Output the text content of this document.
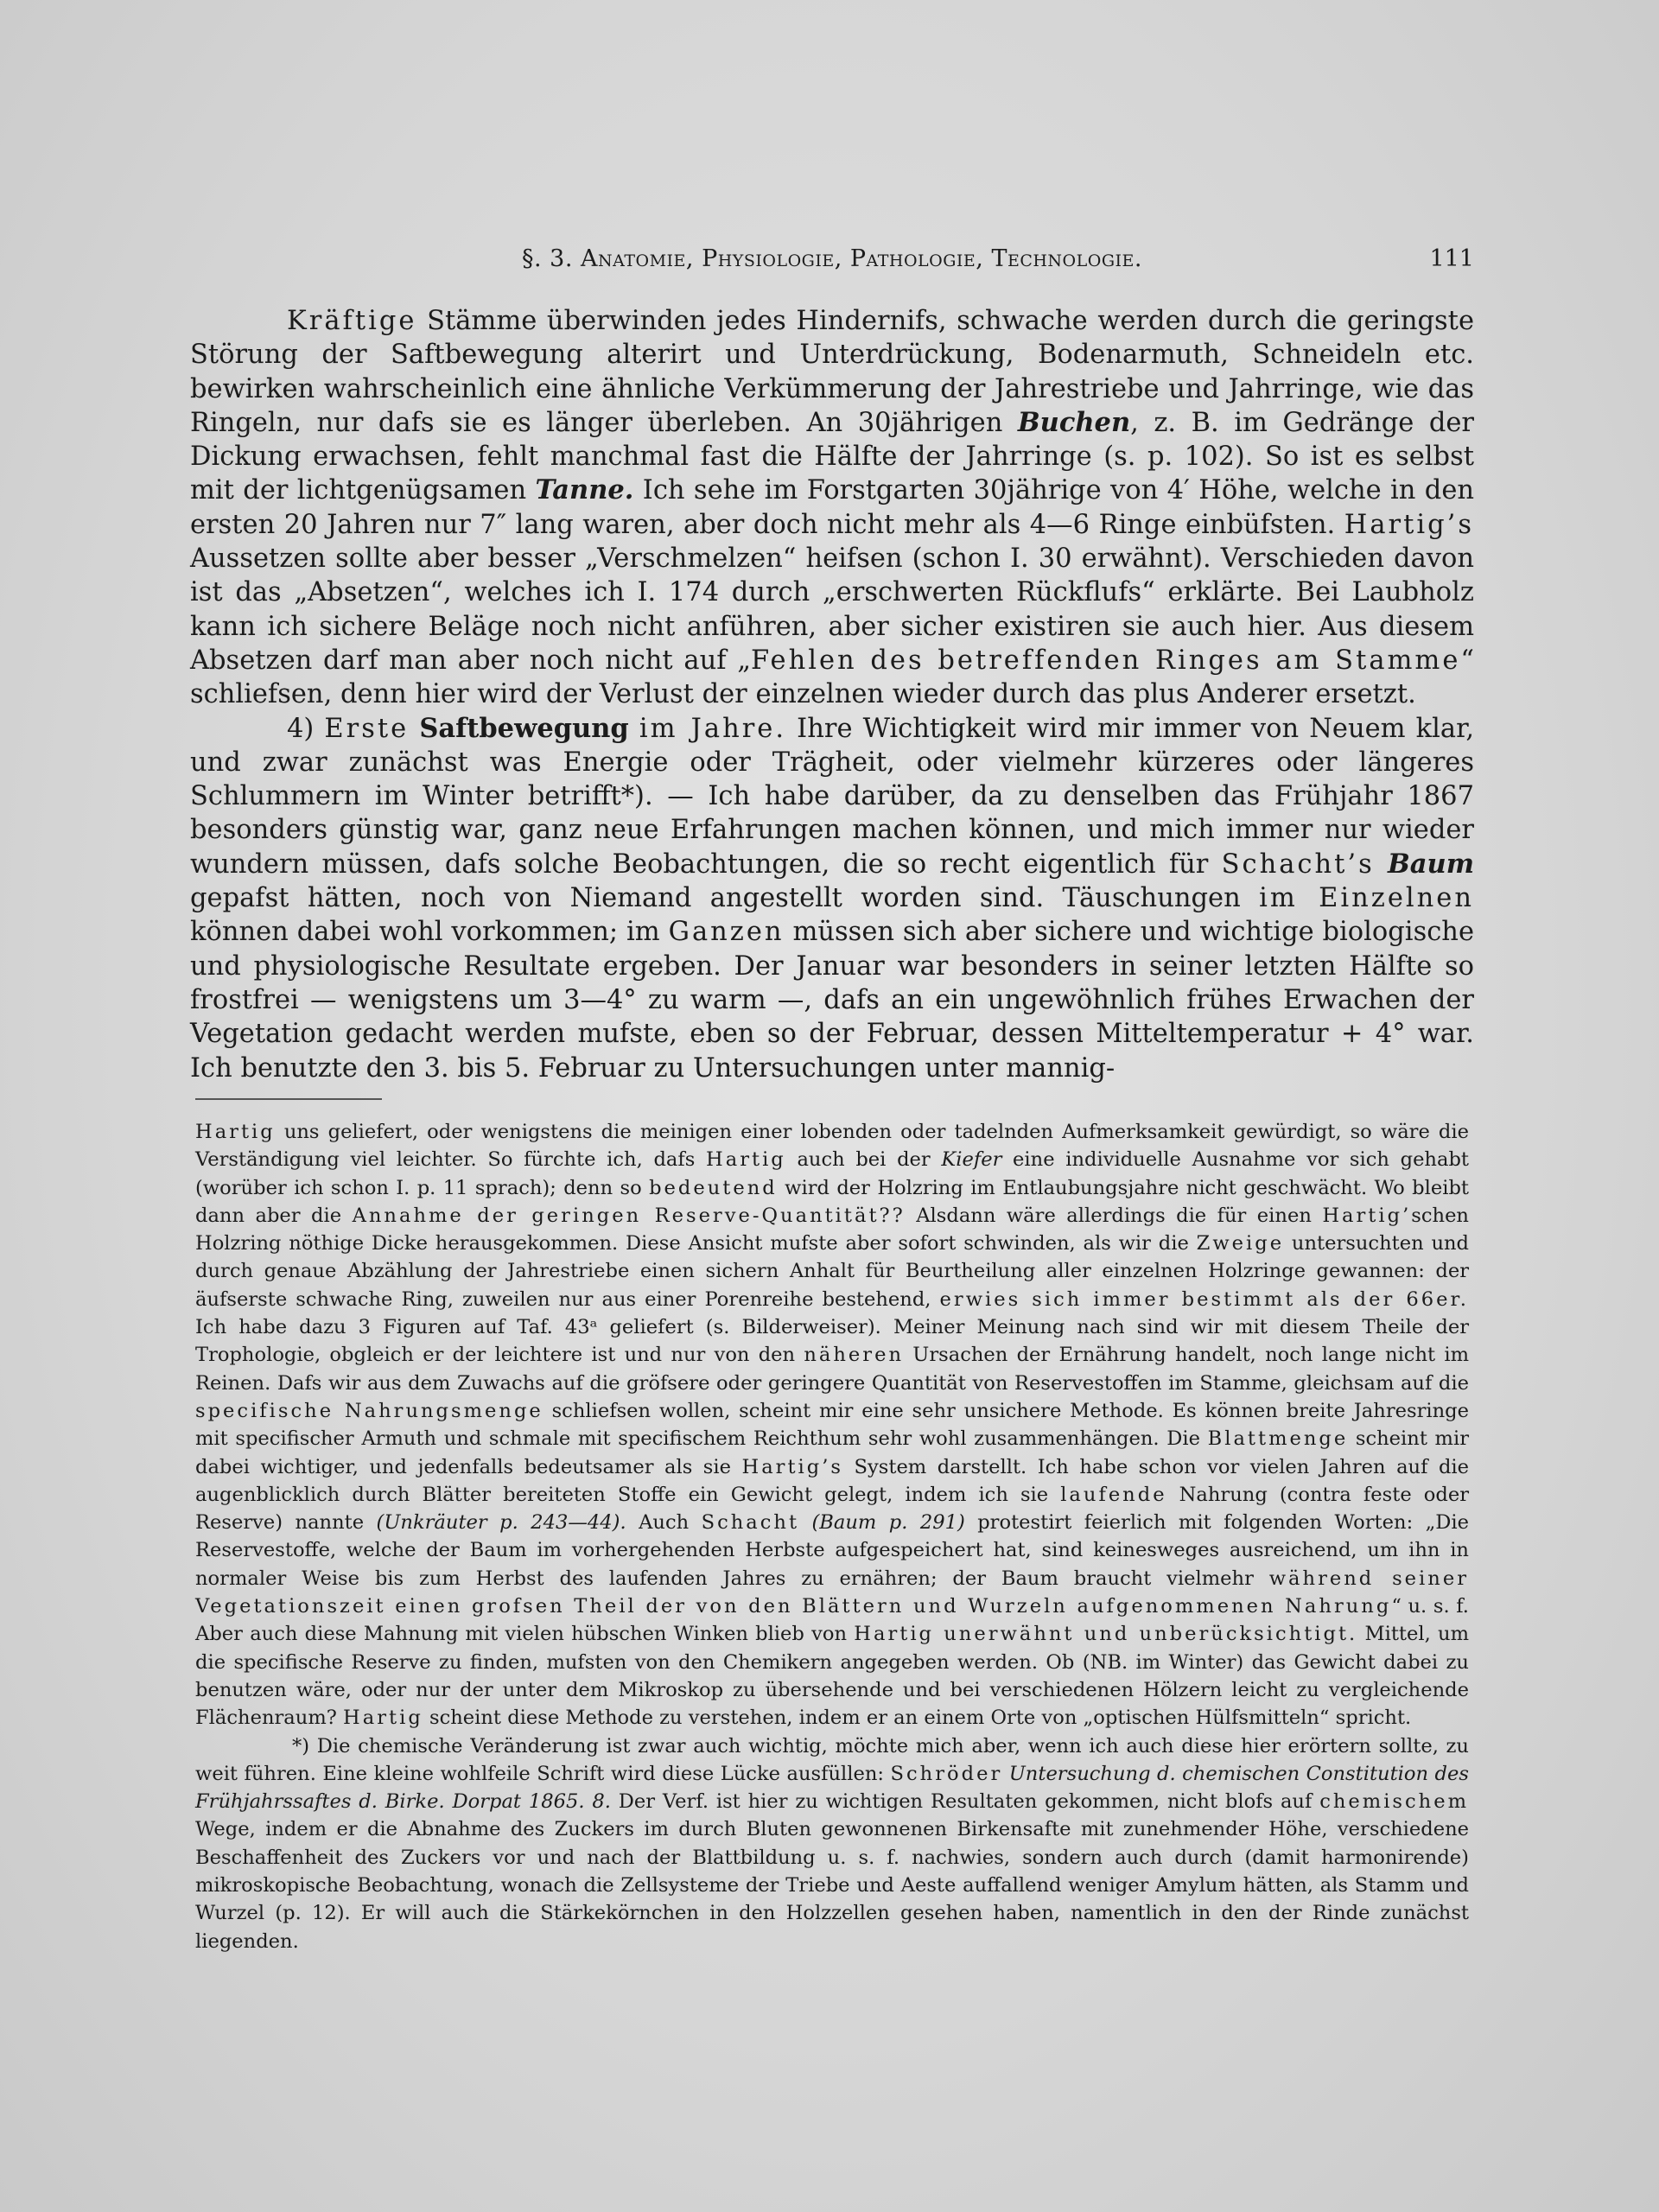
§. 3. Anatomie, Physiologie, Pathologie, Technologie.	111

Kräftige Stämme überwinden jedes Hindernifs, schwache werden durch die geringste Störung der Saftbewegung alterirt und Unterdrückung, Bodenarmuth, Schneideln etc. bewirken wahrscheinlich eine ähnliche Verkümmerung der Jahrestriebe und Jahrringe, wie das Ringeln, nur dafs sie es länger überleben. An 30jährigen Buchen, z. B. im Gedränge der Dickung erwachsen, fehlt manchmal fast die Hälfte der Jahrringe (s. p. 102). So ist es selbst mit der lichtgenügsamen Tanne. Ich sehe im Forstgarten 30jährige von 4′ Höhe, welche in den ersten 20 Jahren nur 7″ lang waren, aber doch nicht mehr als 4—6 Ringe einbüfsten. Hartig’s Aussetzen sollte aber besser „Verschmelzen“ heifsen (schon I. 30 erwähnt). Verschieden davon ist das „Absetzen“, welches ich I. 174 durch „erschwerten Rückflufs“ erklärte. Bei Laubholz kann ich sichere Beläge noch nicht anführen, aber sicher existiren sie auch hier. Aus diesem Absetzen darf man aber noch nicht auf „Fehlen des betreffenden Ringes am Stamme“ schliefsen, denn hier wird der Verlust der einzelnen wieder durch das plus Anderer ersetzt.

4) Erste Saftbewegung im Jahre. Ihre Wichtigkeit wird mir immer von Neuem klar, und zwar zunächst was Energie oder Trägheit, oder vielmehr kürzeres oder längeres Schlummern im Winter betrifft*). — Ich habe darüber, da zu denselben das Frühjahr 1867 besonders günstig war, ganz neue Erfahrungen machen können, und mich immer nur wieder wundern müssen, dafs solche Beobachtungen, die so recht eigentlich für Schacht’s Baum gepafst hätten, noch von Niemand angestellt worden sind. Täuschungen im Einzelnen können dabei wohl vorkommen; im Ganzen müssen sich aber sichere und wichtige biologische und physiologische Resultate ergeben. Der Januar war besonders in seiner letzten Hälfte so frostfrei — wenigstens um 3—4° zu warm —, dafs an ein ungewöhnlich frühes Erwachen der Vegetation gedacht werden mufste, eben so der Februar, dessen Mitteltemperatur + 4° war. Ich benutzte den 3. bis 5. Februar zu Untersuchungen unter mannig-

Hartig uns geliefert, oder wenigstens die meinigen einer lobenden oder tadelnden Aufmerksamkeit gewürdigt, so wäre die Verständigung viel leichter. So fürchte ich, dafs Hartig auch bei der Kiefer eine individuelle Ausnahme vor sich gehabt (worüber ich schon I. p. 11 sprach); denn so bedeutend wird der Holzring im Entlaubungsjahre nicht geschwächt. Wo bleibt dann aber die Annahme der geringen Reserve-Quantität?? Alsdann wäre allerdings die für einen Hartig’schen Holzring nöthige Dicke herausgekommen. Diese Ansicht mufste aber sofort schwinden, als wir die Zweige untersuchten und durch genaue Abzählung der Jahrestriebe einen sichern Anhalt für Beurtheilung aller einzelnen Holzringe gewannen: der äufserste schwache Ring, zuweilen nur aus einer Porenreihe bestehend, erwies sich immer bestimmt als der 66er. Ich habe dazu 3 Figuren auf Taf. 43ᵃ geliefert (s. Bilderweiser). Meiner Meinung nach sind wir mit diesem Theile der Trophologie, obgleich er der leichtere ist und nur von den näheren Ursachen der Ernährung handelt, noch lange nicht im Reinen. Dafs wir aus dem Zuwachs auf die gröfsere oder geringere Quantität von Reservestoffen im Stamme, gleichsam auf die specifische Nahrungsmenge schliefsen wollen, scheint mir eine sehr unsichere Methode. Es können breite Jahresringe mit specifischer Armuth und schmale mit specifischem Reichthum sehr wohl zusammenhängen. Die Blattmenge scheint mir dabei wichtiger, und jedenfalls bedeutsamer als sie Hartig’s System darstellt. Ich habe schon vor vielen Jahren auf die augenblicklich durch Blätter bereiteten Stoffe ein Gewicht gelegt, indem ich sie laufende Nahrung (contra feste oder Reserve) nannte (Unkräuter p. 243—44). Auch Schacht (Baum p. 291) protestirt feierlich mit folgenden Worten: „Die Reservestoffe, welche der Baum im vorhergehenden Herbste aufgespeichert hat, sind keinesweges ausreichend, um ihn in normaler Weise bis zum Herbst des laufenden Jahres zu ernähren; der Baum braucht vielmehr während seiner Vegetationszeit einen grofsen Theil der von den Blättern und Wurzeln aufgenommenen Nahrung“ u. s. f. Aber auch diese Mahnung mit vielen hübschen Winken blieb von Hartig unerwähnt und unberücksichtigt. Mittel, um die specifische Reserve zu finden, mufsten von den Chemikern angegeben werden. Ob (NB. im Winter) das Gewicht dabei zu benutzen wäre, oder nur der unter dem Mikroskop zu übersehende und bei verschiedenen Hölzern leicht zu vergleichende Flächenraum? Hartig scheint diese Methode zu verstehen, indem er an einem Orte von „optischen Hülfsmitteln“ spricht.

*) Die chemische Veränderung ist zwar auch wichtig, möchte mich aber, wenn ich auch diese hier erörtern sollte, zu weit führen. Eine kleine wohlfeile Schrift wird diese Lücke ausfüllen: Schröder Untersuchung d. chemischen Constitution des Frühjahrssaftes d. Birke. Dorpat 1865. 8. Der Verf. ist hier zu wichtigen Resultaten gekommen, nicht blofs auf chemischem Wege, indem er die Abnahme des Zuckers im durch Bluten gewonnenen Birkensafte mit zunehmender Höhe, verschiedene Beschaffenheit des Zuckers vor und nach der Blattbildung u. s. f. nachwies, sondern auch durch (damit harmonirende) mikroskopische Beobachtung, wonach die Zellsysteme der Triebe und Aeste auffallend weniger Amylum hätten, als Stamm und Wurzel (p. 12). Er will auch die Stärkekörnchen in den Holzzellen gesehen haben, namentlich in den der Rinde zunächst liegenden.
